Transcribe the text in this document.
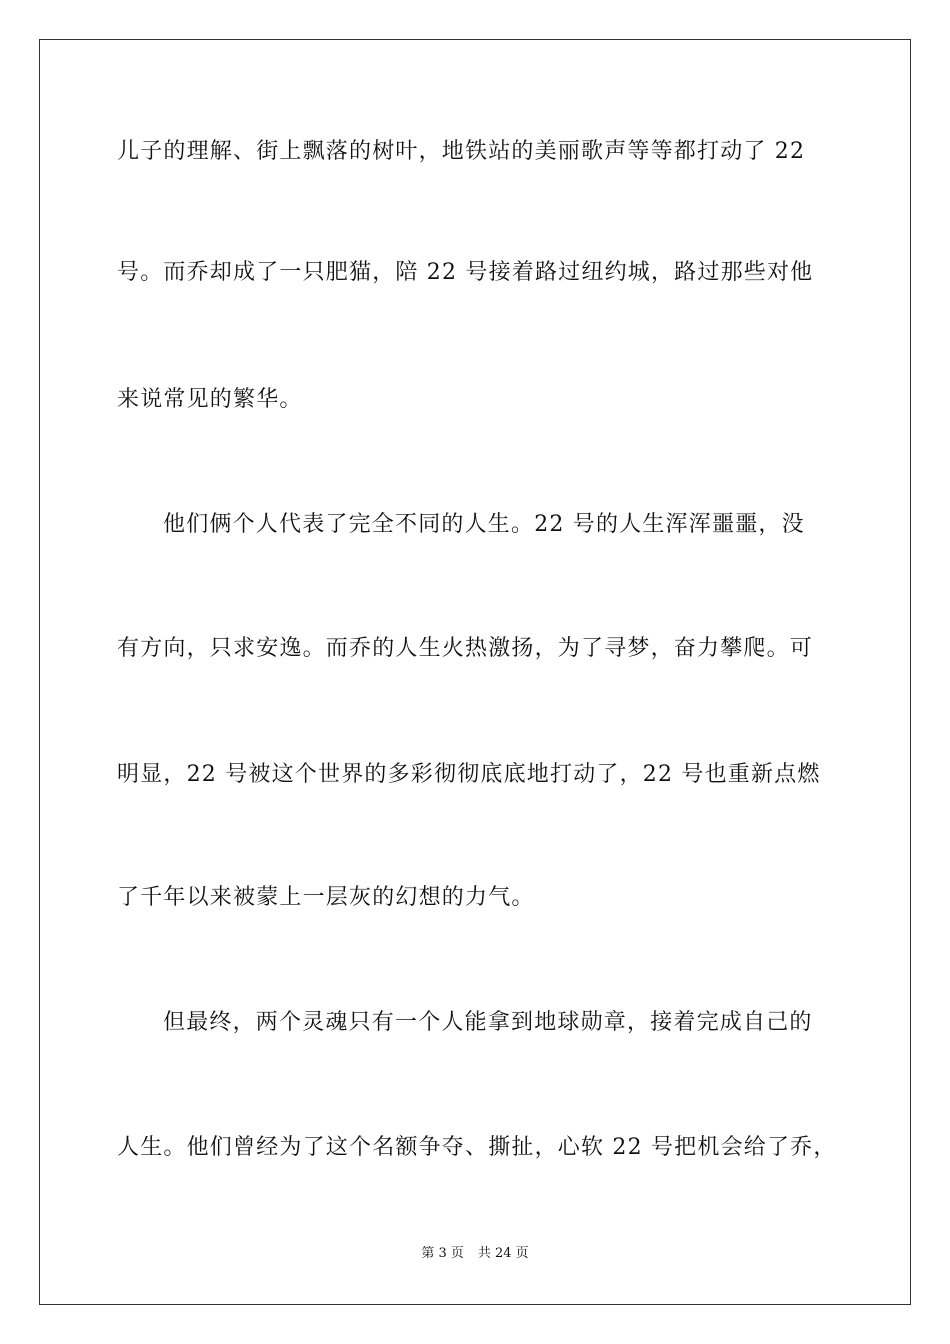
儿子的理解、街上飘落的树叶，地铁站的美丽歌声等等都打动了 22
号。而乔却成了一只肥猫，陪 22 号接着路过纽约城，路过那些对他
来说常见的繁华。
他们俩个人代表了完全不同的人生。22 号的人生浑浑噩噩，没
有方向，只求安逸。而乔的人生火热激扬，为了寻梦，奋力攀爬。可
明显，22 号被这个世界的多彩彻彻底底地打动了，22 号也重新点燃
了千年以来被蒙上一层灰的幻想的力气。
但最终，两个灵魂只有一个人能拿到地球勋章，接着完成自己的
人生。他们曾经为了这个名额争夺、撕扯，心软 22 号把机会给了乔，
第 3 页 共 24 页
